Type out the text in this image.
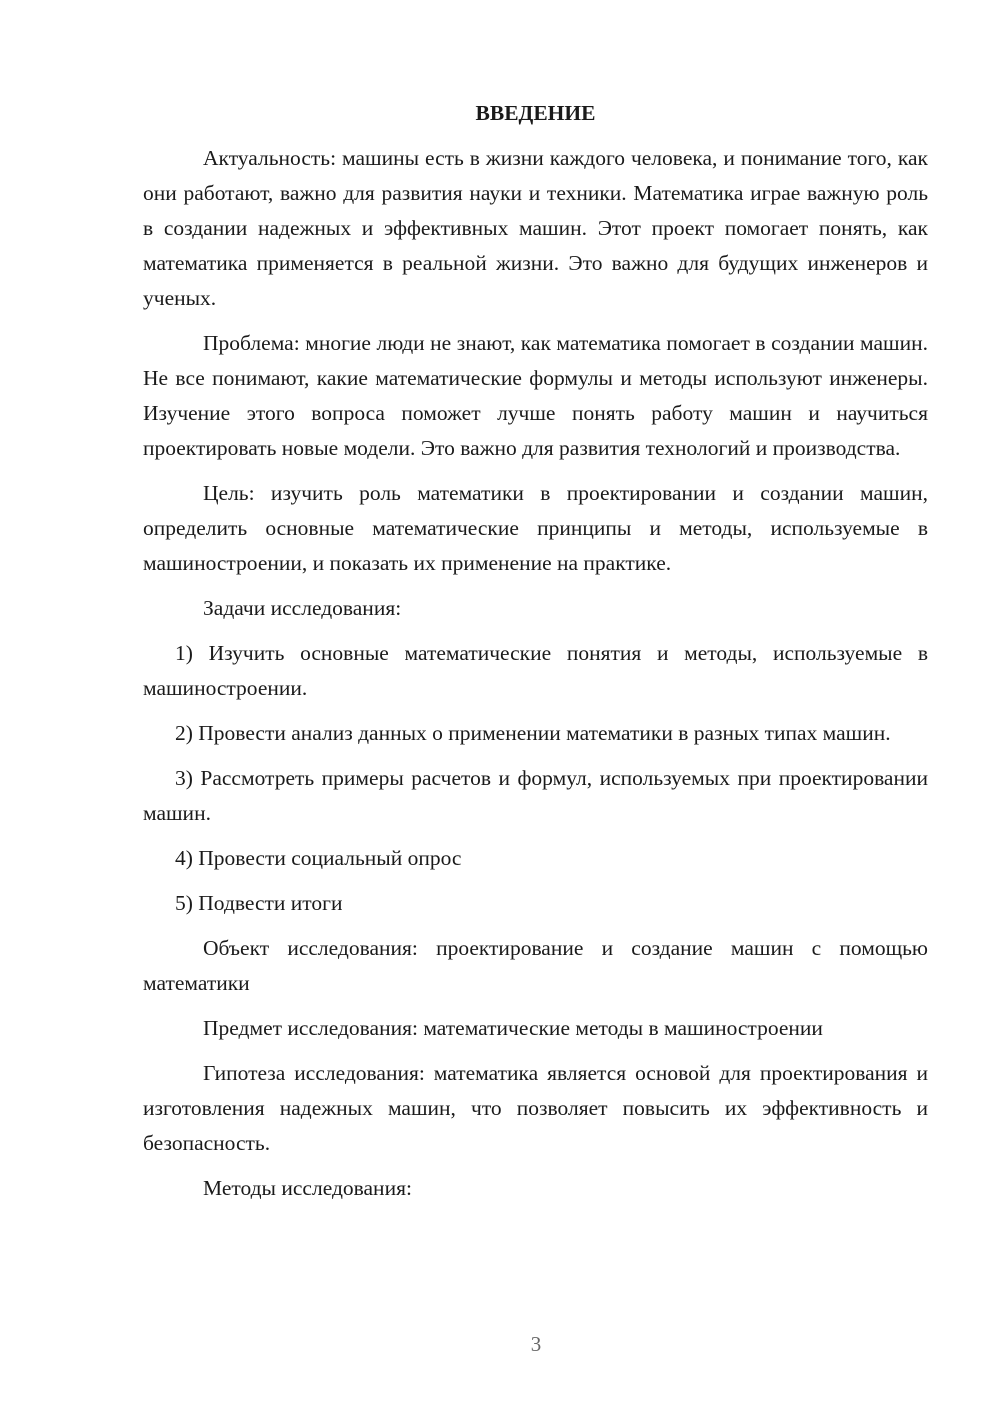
ВВЕДЕНИЕ

Актуальность: машины есть в жизни каждого человека, и понимание того, как они работают, важно для развития науки и техники. Математика играе важную роль в создании надежных и эффективных машин. Этот проект помогает понять, как математика применяется в реальной жизни. Это важно для будущих инженеров и ученых.

Проблема: многие люди не знают, как математика помогает в создании машин. Не все понимают, какие математические формулы и методы используют инженеры. Изучение этого вопроса поможет лучше понять работу машин и научиться проектировать новые модели. Это важно для развития технологий и производства.

Цель: изучить роль математики в проектировании и создании машин, определить основные математические принципы и методы, используемые в машиностроении, и показать их применение на практике.

Задачи исследования:

1) Изучить основные математические понятия и методы, используемые в машиностроении.

2) Провести анализ данных о применении математики в разных типах машин.

3) Рассмотреть примеры расчетов и формул, используемых при проектировании машин.

4) Провести социальный опрос

5) Подвести итоги

Объект исследования: проектирование и создание машин с помощью математики

Предмет исследования: математические методы в машиностроении

Гипотеза исследования: математика является основой для проектирования и изготовления надежных машин, что позволяет повысить их эффективность и безопасность.

Методы исследования:

3
